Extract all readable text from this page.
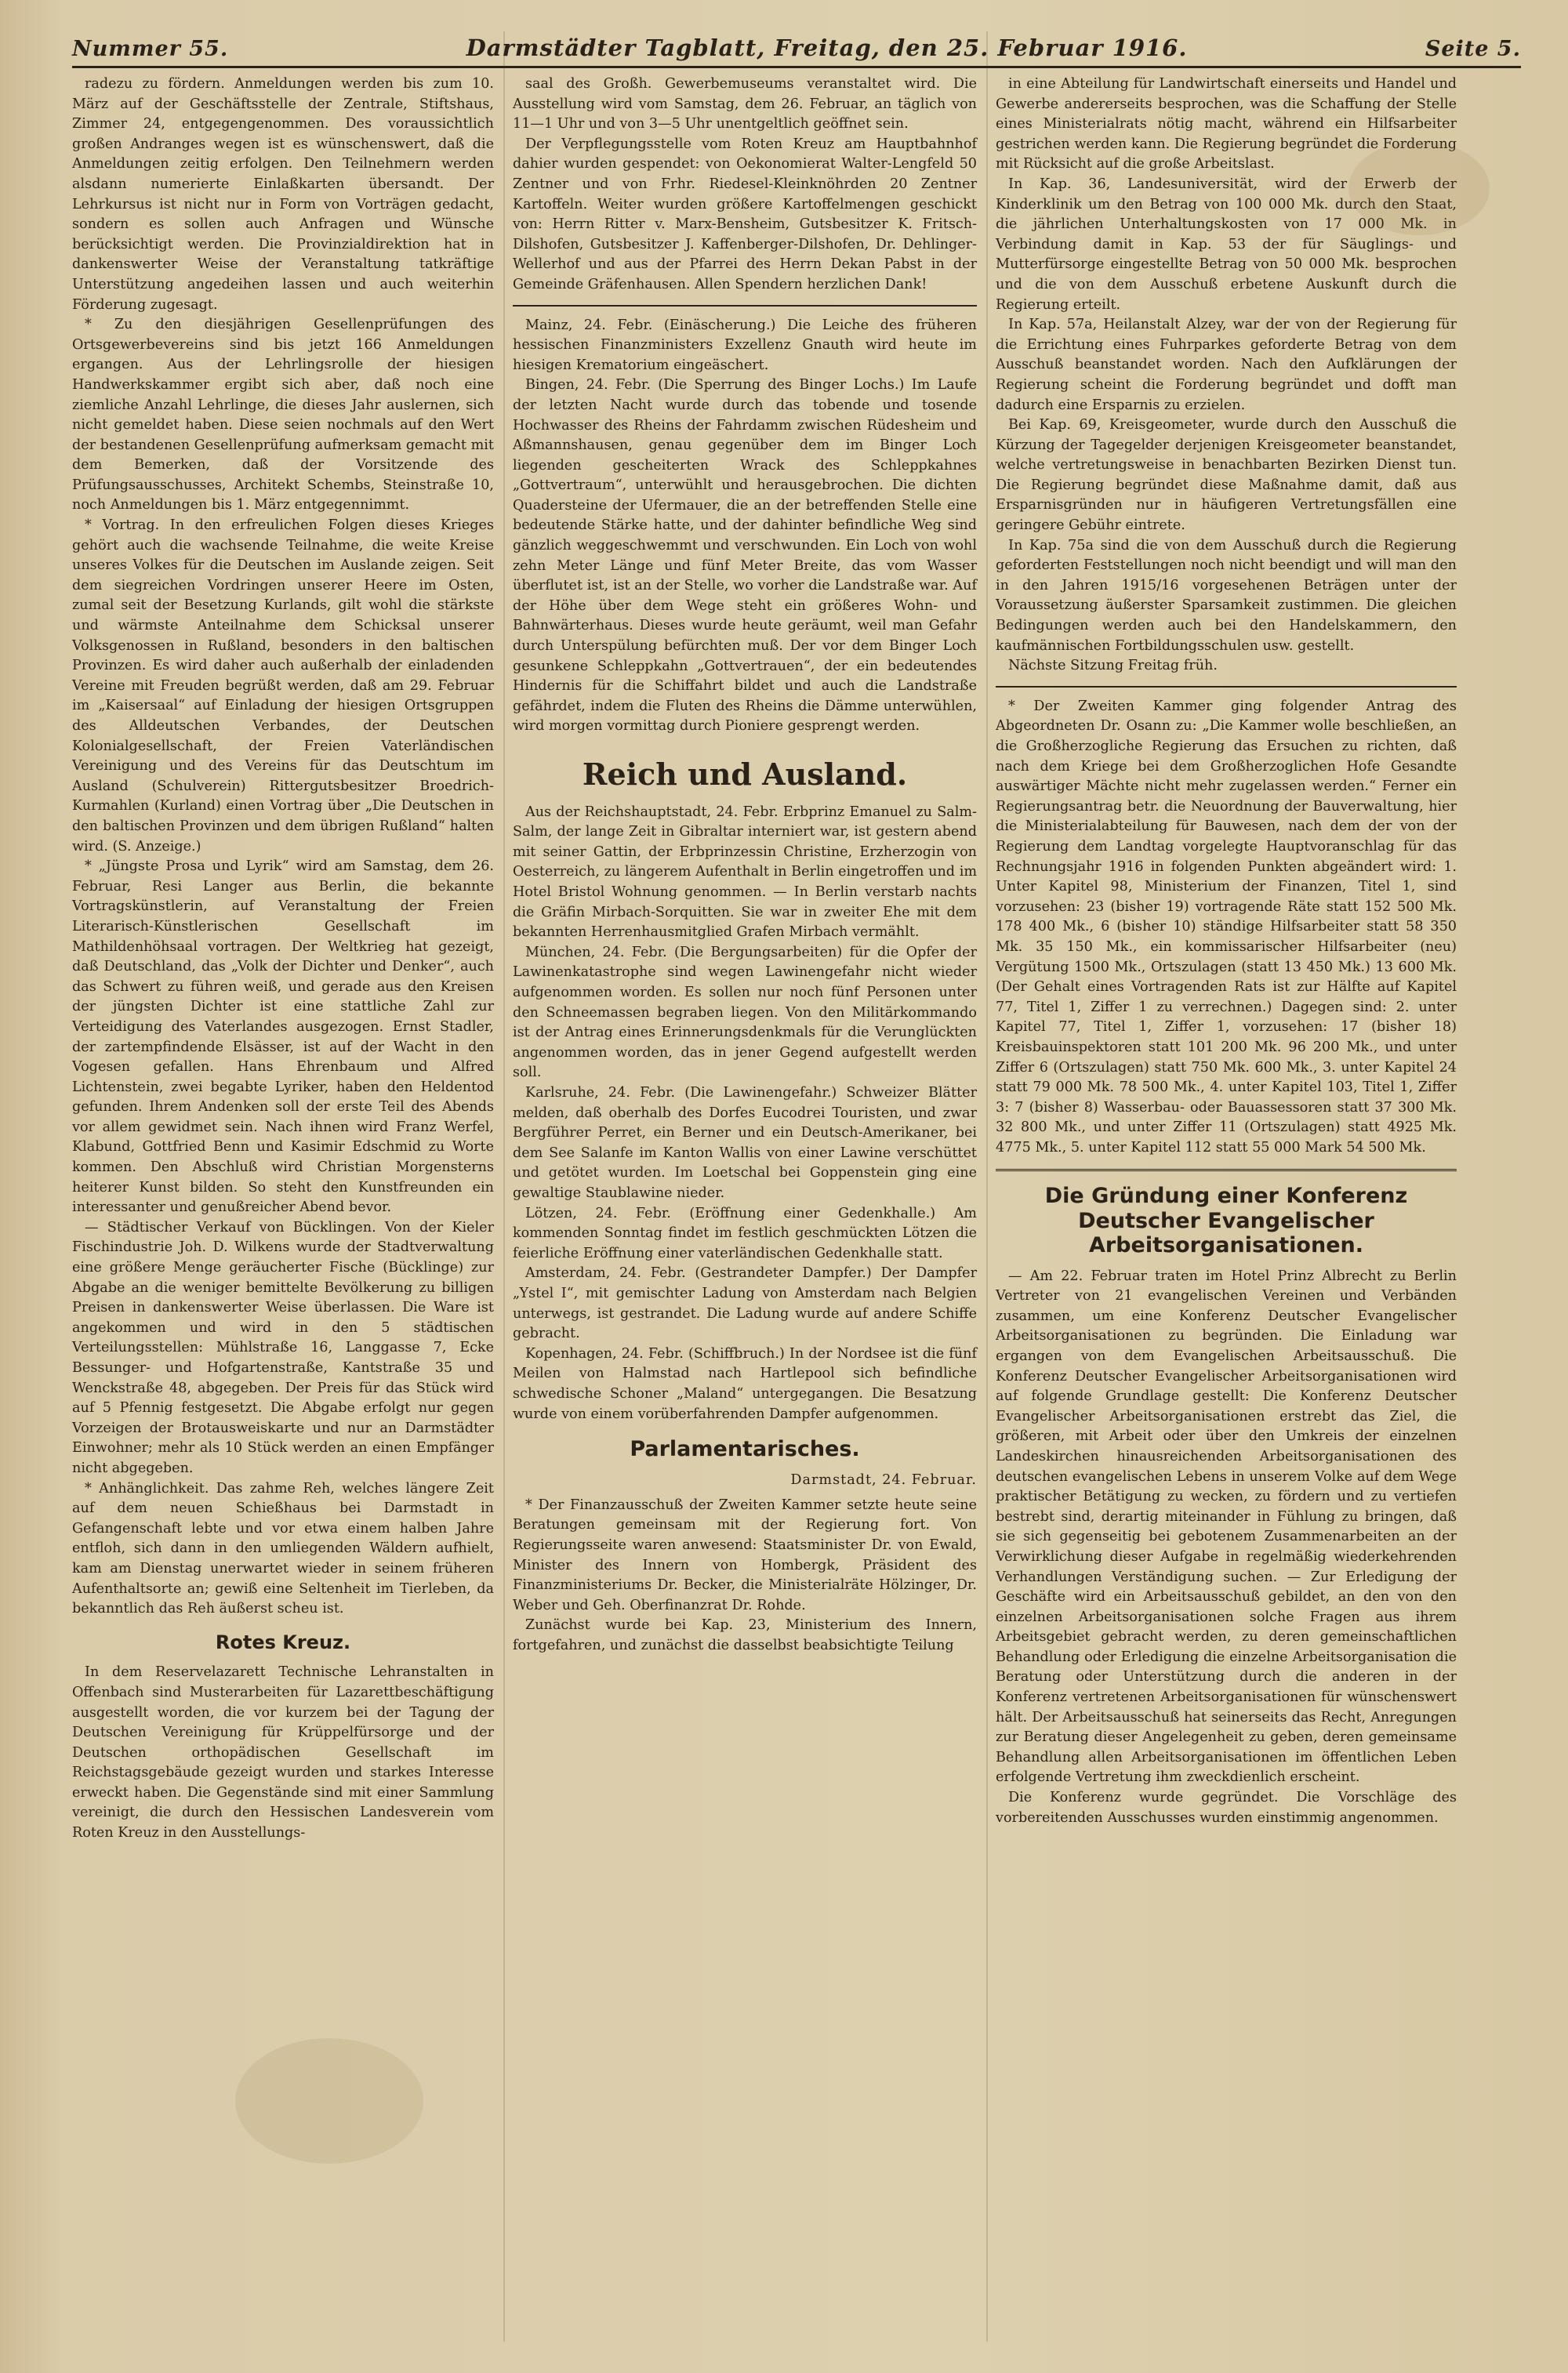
Nummer 55.	Darmstädter Tagblatt, Freitag, den 25. Februar 1916.	Seite 5.

radezu zu fördern. Anmeldungen werden bis zum 10. März auf der Geschäftsstelle der Zentrale, Stiftshaus, Zimmer 24, entgegengenommen. Des voraussichtlich großen Andranges wegen ist es wünschenswert, daß die Anmeldungen zeitig erfolgen. Den Teilnehmern werden alsdann numerierte Einlaßkarten übersandt. Der Lehrkursus ist nicht nur in Form von Vorträgen gedacht, sondern es sollen auch Anfragen und Wünsche berücksichtigt werden. Die Provinzialdirektion hat in dankenswerter Weise der Veranstaltung tatkräftige Unterstützung angedeihen lassen und auch weiterhin Förderung zugesagt.

* Zu den diesjährigen Gesellenprüfungen des Ortsgewerbevereins sind bis jetzt 166 Anmeldungen ergangen. Aus der Lehrlingsrolle der hiesigen Handwerkskammer ergibt sich aber, daß noch eine ziemliche Anzahl Lehrlinge, die dieses Jahr auslernen, sich nicht gemeldet haben. Diese seien nochmals auf den Wert der bestandenen Gesellenprüfung aufmerksam gemacht mit dem Bemerken, daß der Vorsitzende des Prüfungsausschusses, Architekt Schembs, Steinstraße 10, noch Anmeldungen bis 1. März entgegennimmt.

* Vortrag. In den erfreulichen Folgen dieses Krieges gehört auch die wachsende Teilnahme, die weite Kreise unseres Volkes für die Deutschen im Auslande zeigen. Seit dem siegreichen Vordringen unserer Heere im Osten, zumal seit der Besetzung Kurlands, gilt wohl die stärkste und wärmste Anteilnahme dem Schicksal unserer Volksgenossen in Rußland, besonders in den baltischen Provinzen. Es wird daher auch außerhalb der einladenden Vereine mit Freuden begrüßt werden, daß am 29. Februar im „Kaisersaal“ auf Einladung der hiesigen Ortsgruppen des Alldeutschen Verbandes, der Deutschen Kolonialgesellschaft, der Freien Vaterländischen Vereinigung und des Vereins für das Deutschtum im Ausland (Schulverein) Rittergutsbesitzer Broedrich-Kurmahlen (Kurland) einen Vortrag über „Die Deutschen in den baltischen Provinzen und dem übrigen Rußland“ halten wird. (S. Anzeige.)

* „Jüngste Prosa und Lyrik“ wird am Samstag, dem 26. Februar, Resi Langer aus Berlin, die bekannte Vortragskünstlerin, auf Veranstaltung der Freien Literarisch-Künstlerischen Gesellschaft im Mathildenhöhsaal vortragen. Der Weltkrieg hat gezeigt, daß Deutschland, das „Volk der Dichter und Denker“, auch das Schwert zu führen weiß, und gerade aus den Kreisen der jüngsten Dichter ist eine stattliche Zahl zur Verteidigung des Vaterlandes ausgezogen. Ernst Stadler, der zartempfindende Elsässer, ist auf der Wacht in den Vogesen gefallen. Hans Ehrenbaum und Alfred Lichtenstein, zwei begabte Lyriker, haben den Heldentod gefunden. Ihrem Andenken soll der erste Teil des Abends vor allem gewidmet sein. Nach ihnen wird Franz Werfel, Klabund, Gottfried Benn und Kasimir Edschmid zu Worte kommen. Den Abschluß wird Christian Morgensterns heiterer Kunst bilden. So steht den Kunstfreunden ein interessanter und genußreicher Abend bevor.

— Städtischer Verkauf von Bücklingen. Von der Kieler Fischindustrie Joh. D. Wilkens wurde der Stadtverwaltung eine größere Menge geräucherter Fische (Bücklinge) zur Abgabe an die weniger bemittelte Bevölkerung zu billigen Preisen in dankenswerter Weise überlassen. Die Ware ist angekommen und wird in den 5 städtischen Verteilungsstellen: Mühlstraße 16, Langgasse 7, Ecke Bessunger- und Hofgartenstraße, Kantstraße 35 und Wenckstraße 48, abgegeben. Der Preis für das Stück wird auf 5 Pfennig festgesetzt. Die Abgabe erfolgt nur gegen Vorzeigen der Brotausweiskarte und nur an Darmstädter Einwohner; mehr als 10 Stück werden an einen Empfänger nicht abgegeben.

* Anhänglichkeit. Das zahme Reh, welches längere Zeit auf dem neuen Schießhaus bei Darmstadt in Gefangenschaft lebte und vor etwa einem halben Jahre entfloh, sich dann in den umliegenden Wäldern aufhielt, kam am Dienstag unerwartet wieder in seinem früheren Aufenthaltsorte an; gewiß eine Seltenheit im Tierleben, da bekanntlich das Reh äußerst scheu ist.

Rotes Kreuz.

In dem Reservelazarett Technische Lehranstalten in Offenbach sind Musterarbeiten für Lazarettbeschäftigung ausgestellt worden, die vor kurzem bei der Tagung der Deutschen Vereinigung für Krüppelfürsorge und der Deutschen orthopädischen Gesellschaft im Reichstagsgebäude gezeigt wurden und starkes Interesse erweckt haben. Die Gegenstände sind mit einer Sammlung vereinigt, die durch den Hessischen Landesverein vom Roten Kreuz in den Ausstellungs-

saal des Großh. Gewerbemuseums veranstaltet wird. Die Ausstellung wird vom Samstag, dem 26. Februar, an täglich von 11—1 Uhr und von 3—5 Uhr unentgeltlich geöffnet sein.

Der Verpflegungsstelle vom Roten Kreuz am Hauptbahnhof dahier wurden gespendet: von Oekonomierat Walter-Lengfeld 50 Zentner und von Frhr. Riedesel-Kleinknöhrden 20 Zentner Kartoffeln. Weiter wurden größere Kartoffelmengen geschickt von: Herrn Ritter v. Marx-Bensheim, Gutsbesitzer K. Fritsch-Dilshofen, Gutsbesitzer J. Kaffenberger-Dilshofen, Dr. Dehlinger-Wellerhof und aus der Pfarrei des Herrn Dekan Pabst in der Gemeinde Gräfenhausen. Allen Spendern herzlichen Dank!

Mainz, 24. Febr. (Einäscherung.) Die Leiche des früheren hessischen Finanzministers Exzellenz Gnauth wird heute im hiesigen Krematorium eingeäschert.

Bingen, 24. Febr. (Die Sperrung des Binger Lochs.) Im Laufe der letzten Nacht wurde durch das tobende und tosende Hochwasser des Rheins der Fahrdamm zwischen Rüdesheim und Aßmannshausen, genau gegenüber dem im Binger Loch liegenden gescheiterten Wrack des Schleppkahnes „Gottvertraum“, unterwühlt und herausgebrochen. Die dichten Quadersteine der Ufermauer, die an der betreffenden Stelle eine bedeutende Stärke hatte, und der dahinter befindliche Weg sind gänzlich weggeschwemmt und verschwunden. Ein Loch von wohl zehn Meter Länge und fünf Meter Breite, das vom Wasser überflutet ist, ist an der Stelle, wo vorher die Landstraße war. Auf der Höhe über dem Wege steht ein größeres Wohn- und Bahnwärterhaus. Dieses wurde heute geräumt, weil man Gefahr durch Unterspülung befürchten muß. Der vor dem Binger Loch gesunkene Schleppkahn „Gottvertrauen“, der ein bedeutendes Hindernis für die Schiffahrt bildet und auch die Landstraße gefährdet, indem die Fluten des Rheins die Dämme unterwühlen, wird morgen vormittag durch Pioniere gesprengt werden.

Reich und Ausland.

Aus der Reichshauptstadt, 24. Febr. Erbprinz Emanuel zu Salm-Salm, der lange Zeit in Gibraltar interniert war, ist gestern abend mit seiner Gattin, der Erbprinzessin Christine, Erzherzogin von Oesterreich, zu längerem Aufenthalt in Berlin eingetroffen und im Hotel Bristol Wohnung genommen. — In Berlin verstarb nachts die Gräfin Mirbach-Sorquitten. Sie war in zweiter Ehe mit dem bekannten Herrenhausmitglied Grafen Mirbach vermählt.

München, 24. Febr. (Die Bergungsarbeiten) für die Opfer der Lawinenkatastrophe sind wegen Lawinengefahr nicht wieder aufgenommen worden. Es sollen nur noch fünf Personen unter den Schneemassen begraben liegen. Von den Militärkommando ist der Antrag eines Erinnerungsdenkmals für die Verunglückten angenommen worden, das in jener Gegend aufgestellt werden soll.

Karlsruhe, 24. Febr. (Die Lawinengefahr.) Schweizer Blätter melden, daß oberhalb des Dorfes Eucodrei Touristen, und zwar Bergführer Perret, ein Berner und ein Deutsch-Amerikaner, bei dem See Salanfe im Kanton Wallis von einer Lawine verschüttet und getötet wurden. Im Loetschal bei Goppenstein ging eine gewaltige Staublawine nieder.

Lötzen, 24. Febr. (Eröffnung einer Gedenkhalle.) Am kommenden Sonntag findet im festlich geschmückten Lötzen die feierliche Eröffnung einer vaterländischen Gedenkhalle statt.

Amsterdam, 24. Febr. (Gestrandeter Dampfer.) Der Dampfer „Ystel I“, mit gemischter Ladung von Amsterdam nach Belgien unterwegs, ist gestrandet. Die Ladung wurde auf andere Schiffe gebracht.

Kopenhagen, 24. Febr. (Schiffbruch.) In der Nordsee ist die fünf Meilen von Halmstad nach Hartlepool sich befindliche schwedische Schoner „Maland“ untergegangen. Die Besatzung wurde von einem vorüberfahrenden Dampfer aufgenommen.

Parlamentarisches.
Darmstadt, 24. Februar.

* Der Finanzausschuß der Zweiten Kammer setzte heute seine Beratungen gemeinsam mit der Regierung fort. Von Regierungsseite waren anwesend: Staatsminister Dr. von Ewald, Minister des Innern von Hombergk, Präsident des Finanzministeriums Dr. Becker, die Ministerialräte Hölzinger, Dr. Weber und Geh. Oberfinanzrat Dr. Rohde.

Zunächst wurde bei Kap. 23, Ministerium des Innern, fortgefahren, und zunächst die dasselbst beabsichtigte Teilung

in eine Abteilung für Landwirtschaft einerseits und Handel und Gewerbe andererseits besprochen, was die Schaffung der Stelle eines Ministerialrats nötig macht, während ein Hilfsarbeiter gestrichen werden kann. Die Regierung begründet die Forderung mit Rücksicht auf die große Arbeitslast.

In Kap. 36, Landesuniversität, wird der Erwerb der Kinderklinik um den Betrag von 100 000 Mk. durch den Staat, die jährlichen Unterhaltungskosten von 17 000 Mk. in Verbindung damit in Kap. 53 der für Säuglings- und Mutterfürsorge eingestellte Betrag von 50 000 Mk. besprochen und die von dem Ausschuß erbetene Auskunft durch die Regierung erteilt.

In Kap. 57a, Heilanstalt Alzey, war der von der Regierung für die Errichtung eines Fuhrparkes geforderte Betrag von dem Ausschuß beanstandet worden. Nach den Aufklärungen der Regierung scheint die Forderung begründet und dofft man dadurch eine Ersparnis zu erzielen.

Bei Kap. 69, Kreisgeometer, wurde durch den Ausschuß die Kürzung der Tagegelder derjenigen Kreisgeometer beanstandet, welche vertretungsweise in benachbarten Bezirken Dienst tun. Die Regierung begründet diese Maßnahme damit, daß aus Ersparnisgründen nur in häufigeren Vertretungsfällen eine geringere Gebühr eintrete.

In Kap. 75a sind die von dem Ausschuß durch die Regierung geforderten Feststellungen noch nicht beendigt und will man den in den Jahren 1915/16 vorgesehenen Beträgen unter der Voraussetzung äußerster Sparsamkeit zustimmen. Die gleichen Bedingungen werden auch bei den Handelskammern, den kaufmännischen Fortbildungsschulen usw. gestellt.

Nächste Sitzung Freitag früh.

* Der Zweiten Kammer ging folgender Antrag des Abgeordneten Dr. Osann zu: „Die Kammer wolle beschließen, an die Großherzogliche Regierung das Ersuchen zu richten, daß nach dem Kriege bei dem Großherzoglichen Hofe Gesandte auswärtiger Mächte nicht mehr zugelassen werden.“ Ferner ein Regierungsantrag betr. die Neuordnung der Bauverwaltung, hier die Ministerialabteilung für Bauwesen, nach dem der von der Regierung dem Landtag vorgelegte Hauptvoranschlag für das Rechnungsjahr 1916 in folgenden Punkten abgeändert wird: 1. Unter Kapitel 98, Ministerium der Finanzen, Titel 1, sind vorzusehen: 23 (bisher 19) vortragende Räte statt 152 500 Mk. 178 400 Mk., 6 (bisher 10) ständige Hilfsarbeiter statt 58 350 Mk. 35 150 Mk., ein kommissarischer Hilfsarbeiter (neu) Vergütung 1500 Mk., Ortszulagen (statt 13 450 Mk.) 13 600 Mk. (Der Gehalt eines Vortragenden Rats ist zur Hälfte auf Kapitel 77, Titel 1, Ziffer 1 zu verrechnen.) Dagegen sind: 2. unter Kapitel 77, Titel 1, Ziffer 1, vorzusehen: 17 (bisher 18) Kreisbauinspektoren statt 101 200 Mk. 96 200 Mk., und unter Ziffer 6 (Ortszulagen) statt 750 Mk. 600 Mk., 3. unter Kapitel 24 statt 79 000 Mk. 78 500 Mk., 4. unter Kapitel 103, Titel 1, Ziffer 3: 7 (bisher 8) Wasserbau- oder Bauassessoren statt 37 300 Mk. 32 800 Mk., und unter Ziffer 11 (Ortszulagen) statt 4925 Mk. 4775 Mk., 5. unter Kapitel 112 statt 55 000 Mark 54 500 Mk.

Die Gründung einer Konferenz Deutscher Evangelischer Arbeitsorganisationen.

— Am 22. Februar traten im Hotel Prinz Albrecht zu Berlin Vertreter von 21 evangelischen Vereinen und Verbänden zusammen, um eine Konferenz Deutscher Evangelischer Arbeitsorganisationen zu begründen. Die Einladung war ergangen von dem Evangelischen Arbeitsausschuß. Die Konferenz Deutscher Evangelischer Arbeitsorganisationen wird auf folgende Grundlage gestellt: Die Konferenz Deutscher Evangelischer Arbeitsorganisationen erstrebt das Ziel, die größeren, mit Arbeit oder über den Umkreis der einzelnen Landeskirchen hinausreichenden Arbeitsorganisationen des deutschen evangelischen Lebens in unserem Volke auf dem Wege praktischer Betätigung zu wecken, zu fördern und zu vertiefen bestrebt sind, derartig miteinander in Fühlung zu bringen, daß sie sich gegenseitig bei gebotenem Zusammenarbeiten an der Verwirklichung dieser Aufgabe in regelmäßig wiederkehrenden Verhandlungen Verständigung suchen. — Zur Erledigung der Geschäfte wird ein Arbeitsausschuß gebildet, an den von den einzelnen Arbeitsorganisationen solche Fragen aus ihrem Arbeitsgebiet gebracht werden, zu deren gemeinschaftlichen Behandlung oder Erledigung die einzelne Arbeitsorganisation die Beratung oder Unterstützung durch die anderen in der Konferenz vertretenen Arbeitsorganisationen für wünschenswert hält. Der Arbeitsausschuß hat seinerseits das Recht, Anregungen zur Beratung dieser Angelegenheit zu geben, deren gemeinsame Behandlung allen Arbeitsorganisationen im öffentlichen Leben erfolgende Vertretung ihm zweckdienlich erscheint.

Die Konferenz wurde gegründet. Die Vorschläge des vorbereitenden Ausschusses wurden einstimmig angenommen.
